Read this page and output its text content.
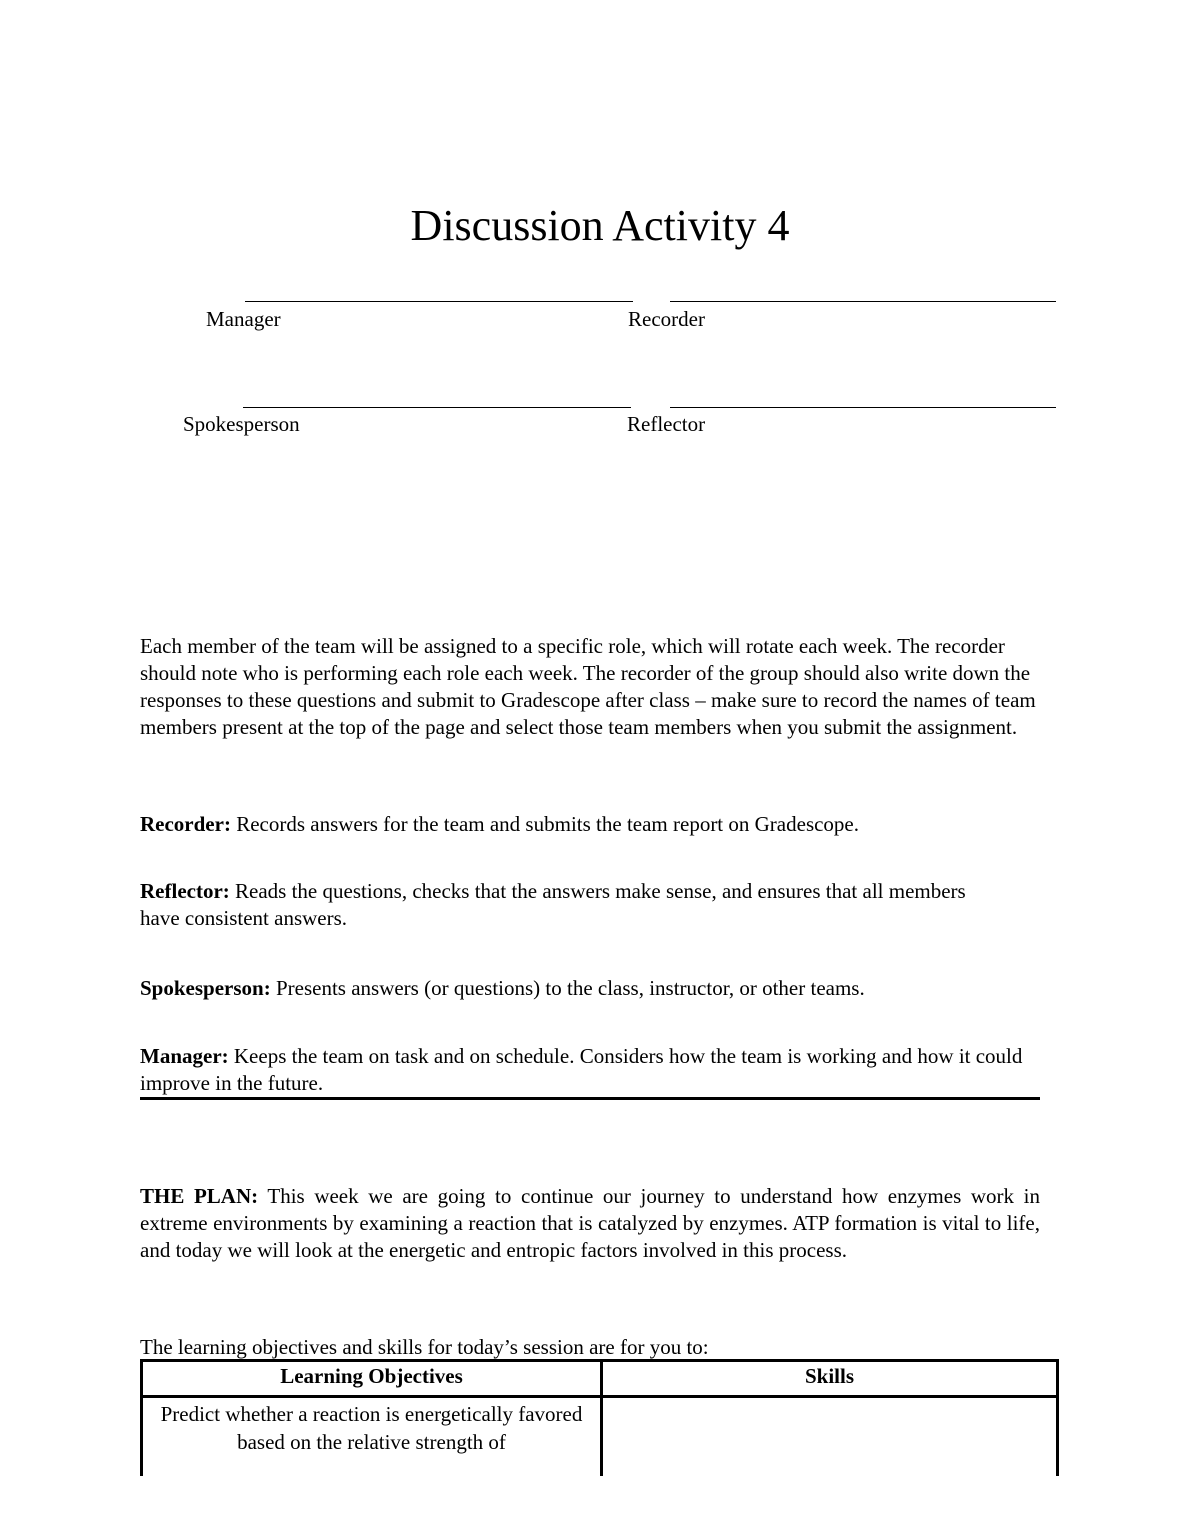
Discussion Activity 4
Manager	Recorder
Spokesperson	Reflector
Each member of the team will be assigned to a specific role, which will rotate each week. The recorder should note who is performing each role each week. The recorder of the group should also write down the responses to these questions and submit to Gradescope after class – make sure to record the names of team members present at the top of the page and select those team members when you submit the assignment.
Recorder: Records answers for the team and submits the team report on Gradescope.
Reflector: Reads the questions, checks that the answers make sense, and ensures that all members have consistent answers.
Spokesperson: Presents answers (or questions) to the class, instructor, or other teams.
Manager: Keeps the team on task and on schedule. Considers how the team is working and how it could improve in the future.
THE PLAN: This week we are going to continue our journey to understand how enzymes work in extreme environments by examining a reaction that is catalyzed by enzymes. ATP formation is vital to life, and today we will look at the energetic and entropic factors involved in this process.
The learning objectives and skills for today’s session are for you to:
Learning Objectives	Skills
Predict whether a reaction is energetically favored based on the relative strength of	
